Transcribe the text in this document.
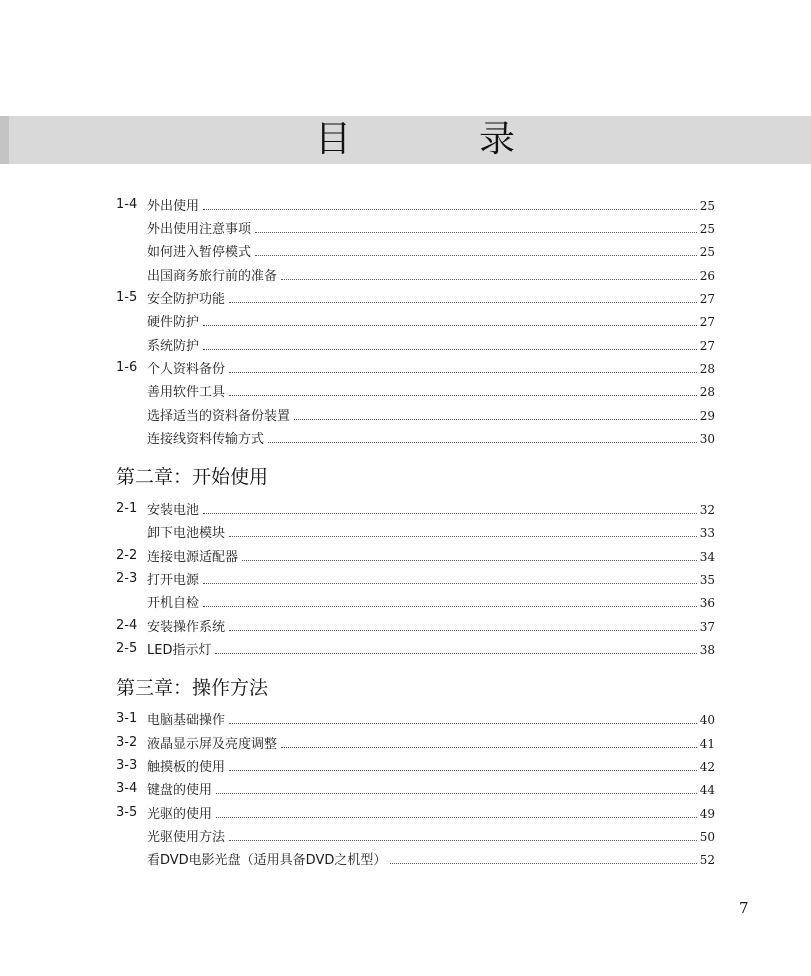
目	录
1-4 外出使用	25
外出使用注意事项	25
如何进入暂停模式	25
出国商务旅行前的准备	26
1-5 安全防护功能	27
硬件防护	27
系统防护	27
1-6 个人资料备份	28
善用软件工具	28
选择适当的资料备份装置	29
连接线资料传输方式	30
第二章：开始使用
2-1 安装电池	32
卸下电池模块	33
2-2 连接电源适配器	34
2-3 打开电源	35
开机自检	36
2-4 安装操作系统	37
2-5 LED指示灯	38
第三章：操作方法
3-1 电脑基础操作	40
3-2 液晶显示屏及亮度调整	41
3-3 触摸板的使用	42
3-4 键盘的使用	44
3-5 光驱的使用	49
光驱使用方法	50
看DVD电影光盘（适用具备DVD之机型）	52
7
